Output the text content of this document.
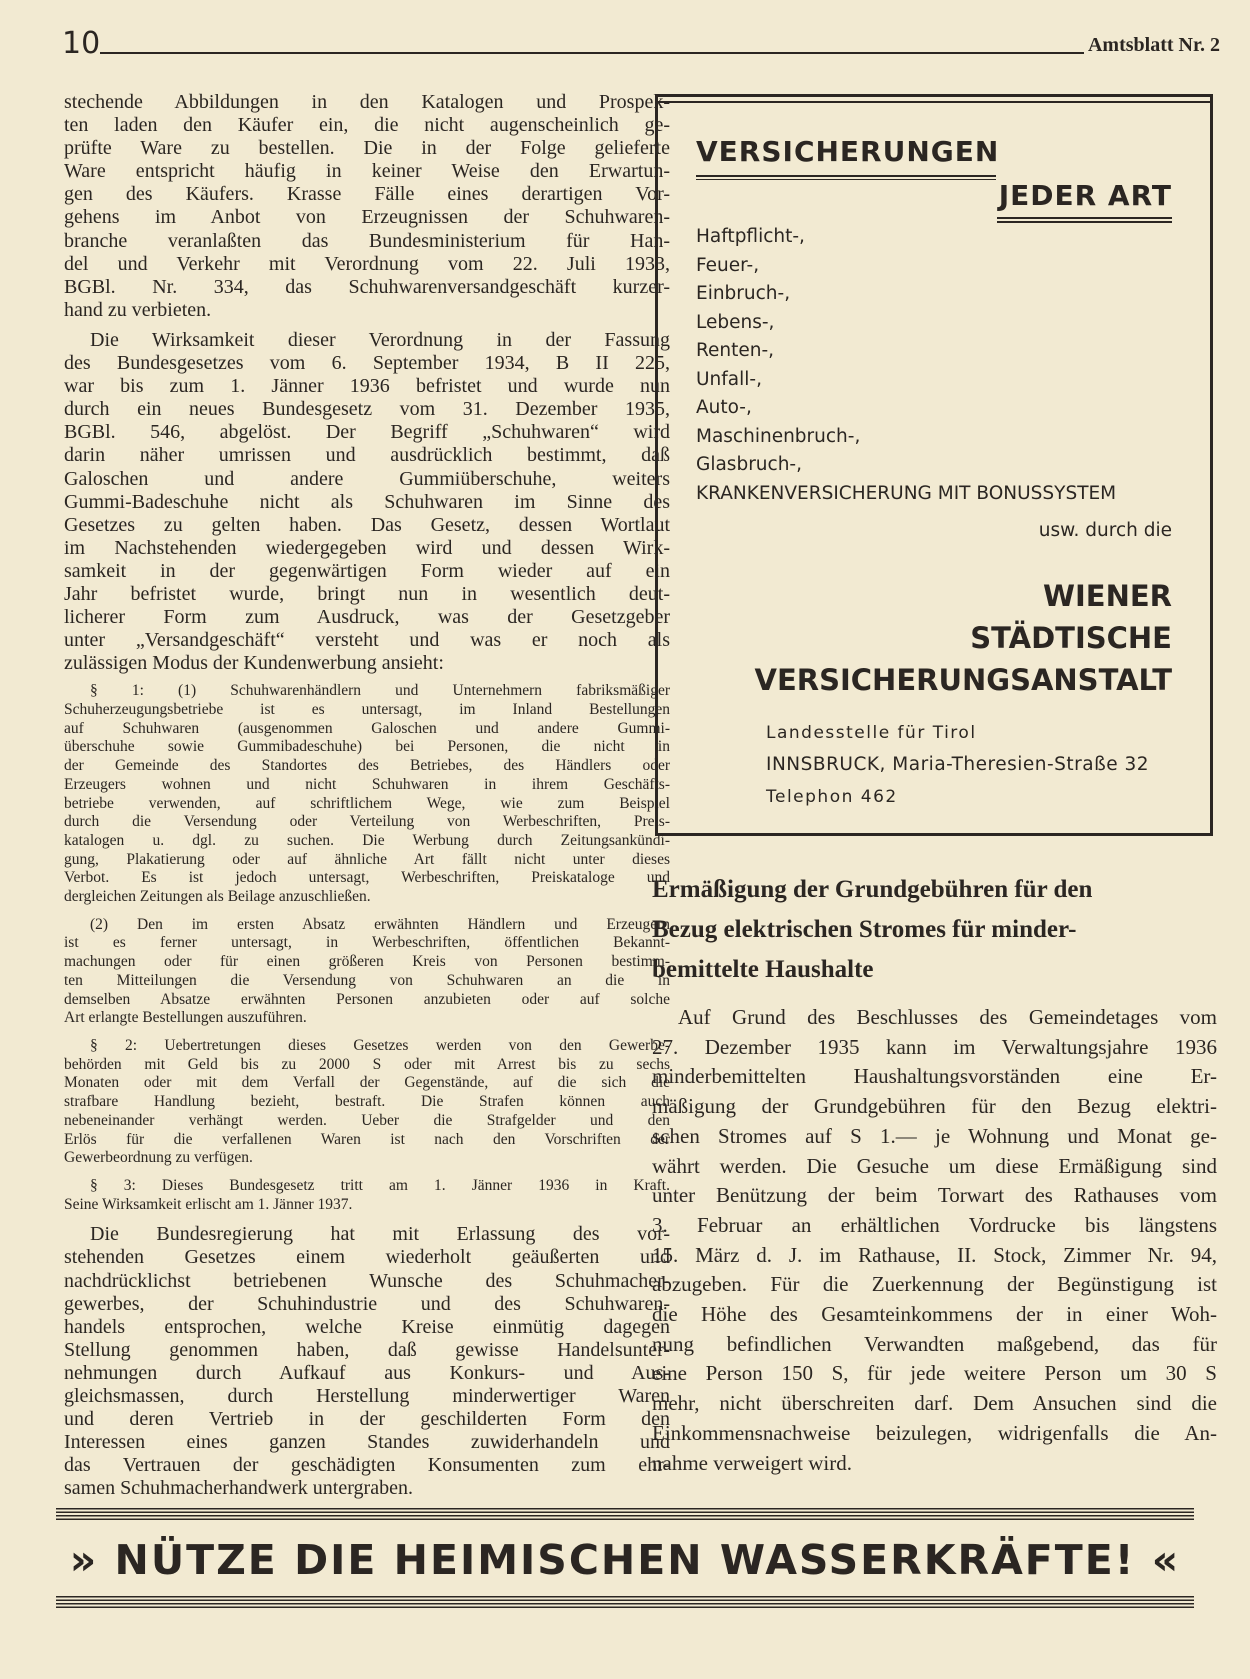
10	Amtsblatt Nr. 2
stechende Abbildungen in den Katalogen und Prospek-
ten laden den Käufer ein, die nicht augenscheinlich ge-
prüfte Ware zu bestellen. Die in der Folge gelieferte
Ware entspricht häufig in keiner Weise den Erwartun-
gen des Käufers. Krasse Fälle eines derartigen Vor-
gehens im Anbot von Erzeugnissen der Schuhwaren-
branche veranlaßten das Bundesministerium für Han-
del und Verkehr mit Verordnung vom 22. Juli 1933,
BGBl. Nr. 334, das Schuhwarenversandgeschäft kurzer-
hand zu verbieten.
Die Wirksamkeit dieser Verordnung in der Fassung
des Bundesgesetzes vom 6. September 1934, B II 225,
war bis zum 1. Jänner 1936 befristet und wurde nun
durch ein neues Bundesgesetz vom 31. Dezember 1935,
BGBl. 546, abgelöst. Der Begriff „Schuhwaren“ wird
darin näher umrissen und ausdrücklich bestimmt, daß
Galoschen und andere Gummiüberschuhe, weiters
Gummi-Badeschuhe nicht als Schuhwaren im Sinne des
Gesetzes zu gelten haben. Das Gesetz, dessen Wortlaut
im Nachstehenden wiedergegeben wird und dessen Wirk-
samkeit in der gegenwärtigen Form wieder auf ein
Jahr befristet wurde, bringt nun in wesentlich deut-
licherer Form zum Ausdruck, was der Gesetzgeber
unter „Versandgeschäft“ versteht und was er noch als
zulässigen Modus der Kundenwerbung ansieht:
§ 1: (1) Schuhwarenhändlern und Unternehmern fabriksmäßiger
Schuherzeugungsbetriebe ist es untersagt, im Inland Bestellungen
auf Schuhwaren (ausgenommen Galoschen und andere Gummi-
überschuhe sowie Gummibadeschuhe) bei Personen, die nicht in
der Gemeinde des Standortes des Betriebes, des Händlers oder
Erzeugers wohnen und nicht Schuhwaren in ihrem Geschäfts-
betriebe verwenden, auf schriftlichem Wege, wie zum Beispiel
durch die Versendung oder Verteilung von Werbeschriften, Preis-
katalogen u. dgl. zu suchen. Die Werbung durch Zeitungsankündi-
gung, Plakatierung oder auf ähnliche Art fällt nicht unter dieses
Verbot. Es ist jedoch untersagt, Werbeschriften, Preiskataloge und
dergleichen Zeitungen als Beilage anzuschließen.
(2) Den im ersten Absatz erwähnten Händlern und Erzeugern
ist es ferner untersagt, in Werbeschriften, öffentlichen Bekannt-
machungen oder für einen größeren Kreis von Personen bestimm-
ten Mitteilungen die Versendung von Schuhwaren an die in
demselben Absatze erwähnten Personen anzubieten oder auf solche
Art erlangte Bestellungen auszuführen.
§ 2: Uebertretungen dieses Gesetzes werden von den Gewerbe-
behörden mit Geld bis zu 2000 S oder mit Arrest bis zu sechs
Monaten oder mit dem Verfall der Gegenstände, auf die sich die
strafbare Handlung bezieht, bestraft. Die Strafen können auch
nebeneinander verhängt werden. Ueber die Strafgelder und den
Erlös für die verfallenen Waren ist nach den Vorschriften der
Gewerbeordnung zu verfügen.
§ 3: Dieses Bundesgesetz tritt am 1. Jänner 1936 in Kraft.
Seine Wirksamkeit erlischt am 1. Jänner 1937.
Die Bundesregierung hat mit Erlassung des vor-
stehenden Gesetzes einem wiederholt geäußerten und
nachdrücklichst betriebenen Wunsche des Schuhmacher-
gewerbes, der Schuhindustrie und des Schuhwaren-
handels entsprochen, welche Kreise einmütig dagegen
Stellung genommen haben, daß gewisse Handelsunter-
nehmungen durch Aufkauf aus Konkurs- und Aus-
gleichsmassen, durch Herstellung minderwertiger Waren
und deren Vertrieb in der geschilderten Form den
Interessen eines ganzen Standes zuwiderhandeln und
das Vertrauen der geschädigten Konsumenten zum ehr-
samen Schuhmacherhandwerk untergraben.
VERSICHERUNGEN
JEDER ART
Haftpflicht-,
Feuer-,
Einbruch-,
Lebens-,
Renten-,
Unfall-,
Auto-,
Maschinenbruch-,
Glasbruch-,
KRANKENVERSICHERUNG MIT BONUSSYSTEM
usw. durch die
WIENER
STÄDTISCHE
VERSICHERUNGSANSTALT
Landesstelle für Tirol
INNSBRUCK, Maria-Theresien-Straße 32
Telephon 462
Ermäßigung der Grundgebühren für den
Bezug elektrischen Stromes für minder-
bemittelte Haushalte
Auf Grund des Beschlusses des Gemeindetages vom
27. Dezember 1935 kann im Verwaltungsjahre 1936
minderbemittelten Haushaltungsvorständen eine Er-
mäßigung der Grundgebühren für den Bezug elektri-
schen Stromes auf S 1.— je Wohnung und Monat ge-
währt werden. Die Gesuche um diese Ermäßigung sind
unter Benützung der beim Torwart des Rathauses vom
3. Februar an erhältlichen Vordrucke bis längstens
15. März d. J. im Rathause, II. Stock, Zimmer Nr. 94,
abzugeben. Für die Zuerkennung der Begünstigung ist
die Höhe des Gesamteinkommens der in einer Woh-
nung befindlichen Verwandten maßgebend, das für
eine Person 150 S, für jede weitere Person um 30 S
mehr, nicht überschreiten darf. Dem Ansuchen sind die
Einkommensnachweise beizulegen, widrigenfalls die An-
nahme verweigert wird.
» NÜTZE DIE HEIMISCHEN WASSERKRÄFTE! «
